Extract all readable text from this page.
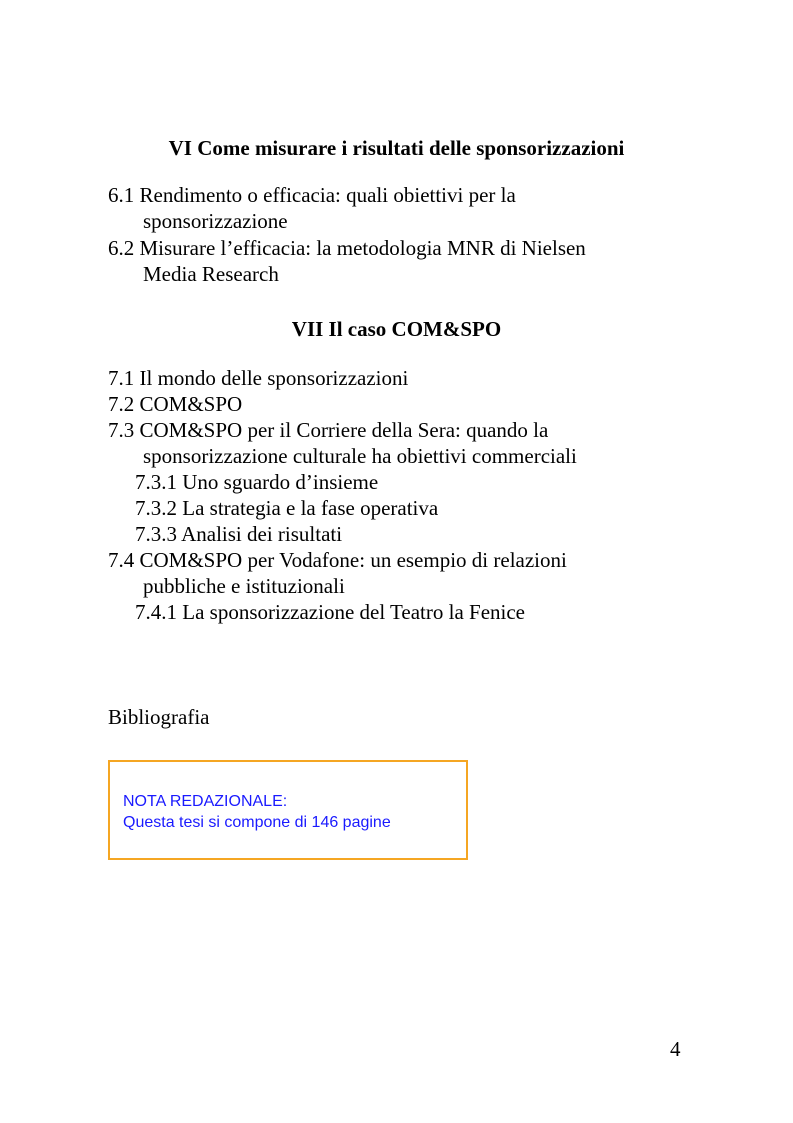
VI Come misurare i risultati delle sponsorizzazioni
6.1 Rendimento o efficacia: quali obiettivi per la
sponsorizzazione
6.2 Misurare l’efficacia: la metodologia MNR di Nielsen
Media Research
VII Il caso COM&SPO
7.1 Il mondo delle sponsorizzazioni
7.2 COM&SPO
7.3 COM&SPO per il Corriere della Sera: quando la
sponsorizzazione culturale ha obiettivi commerciali
7.3.1 Uno sguardo d’insieme
7.3.2 La strategia e la fase operativa
7.3.3 Analisi dei risultati
7.4 COM&SPO per Vodafone: un esempio di relazioni
pubbliche e istituzionali
7.4.1 La sponsorizzazione del Teatro la Fenice
Bibliografia
NOTA REDAZIONALE:
Questa tesi si compone di 146 pagine
4
